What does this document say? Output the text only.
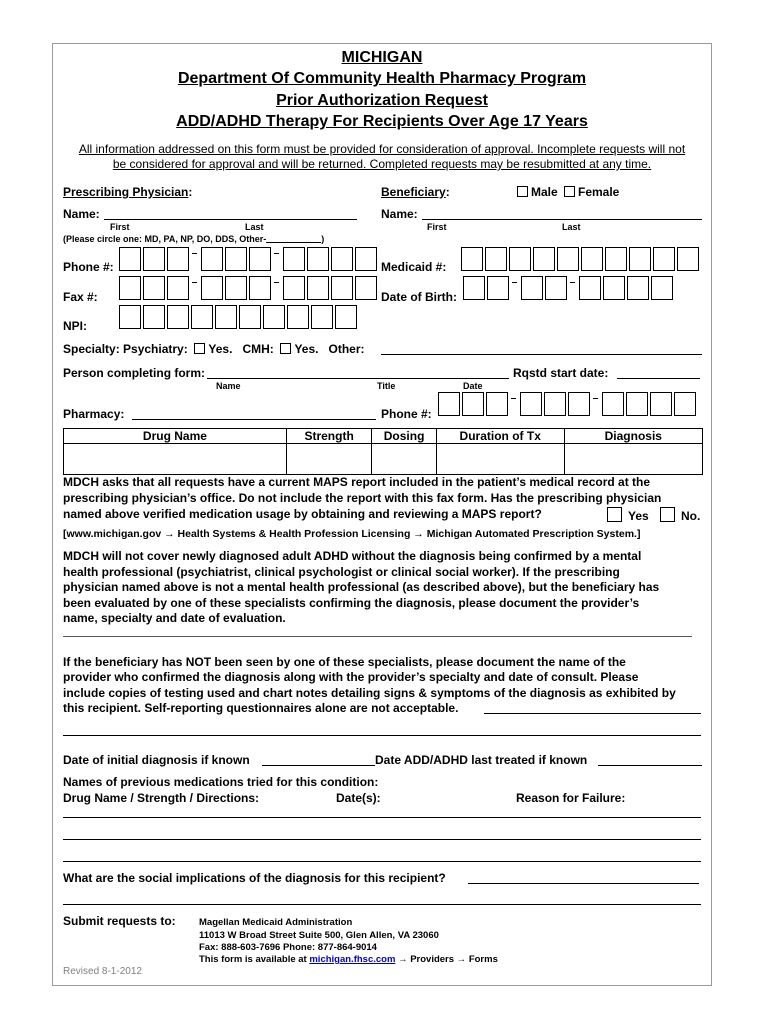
MICHIGAN
Department Of Community Health Pharmacy Program
Prior Authorization Request
ADD/ADHD Therapy For Recipients Over Age 17 Years
All information addressed on this form must be provided for consideration of approval. Incomplete requests will not
be considered for approval and will be returned. Completed requests may be resubmitted at any time.
Prescribing Physician:	Beneficiary:	Male	Female
Name:
First	Last
(Please circle one: MD, PA, NP, DO, DDS, Other-	)
Name:
First	Last
Phone #:	Medicaid #:
Fax #:	Date of Birth:
NPI:
Specialty: Psychiatry: Yes. CMH: Yes. Other:
Person completing form:	Rqstd start date:
Name	Title	Date
Pharmacy:	Phone #:
Drug Name	Strength	Dosing	Duration of Tx	Diagnosis

MDCH asks that all requests have a current MAPS report included in the patient’s medical record at the
prescribing physician’s office. Do not include the report with this fax form. Has the prescribing physician
named above verified medication usage by obtaining and reviewing a MAPS report?	Yes	No.
[www.michigan.gov → Health Systems & Health Profession Licensing → Michigan Automated Prescription System.]
MDCH will not cover newly diagnosed adult ADHD without the diagnosis being confirmed by a mental
health professional (psychiatrist, clinical psychologist or clinical social worker). If the prescribing
physician named above is not a mental health professional (as described above), but the beneficiary has
been evaluated by one of these specialists confirming the diagnosis, please document the provider’s
name, specialty and date of evaluation.
If the beneficiary has NOT been seen by one of these specialists, please document the name of the
provider who confirmed the diagnosis along with the provider’s specialty and date of consult. Please
include copies of testing used and chart notes detailing signs & symptoms of the diagnosis as exhibited by
this recipient. Self-reporting questionnaires alone are not acceptable.
Date of initial diagnosis if known	Date ADD/ADHD last treated if known
Names of previous medications tried for this condition:
Drug Name / Strength / Directions:	Date(s):	Reason for Failure:
What are the social implications of the diagnosis for this recipient?
Submit requests to: Magellan Medicaid Administration
11013 W Broad Street Suite 500, Glen Allen, VA 23060
Fax: 888-603-7696 Phone: 877-864-9014
This form is available at michigan.fhsc.com → Providers → Forms
Revised 8-1-2012
